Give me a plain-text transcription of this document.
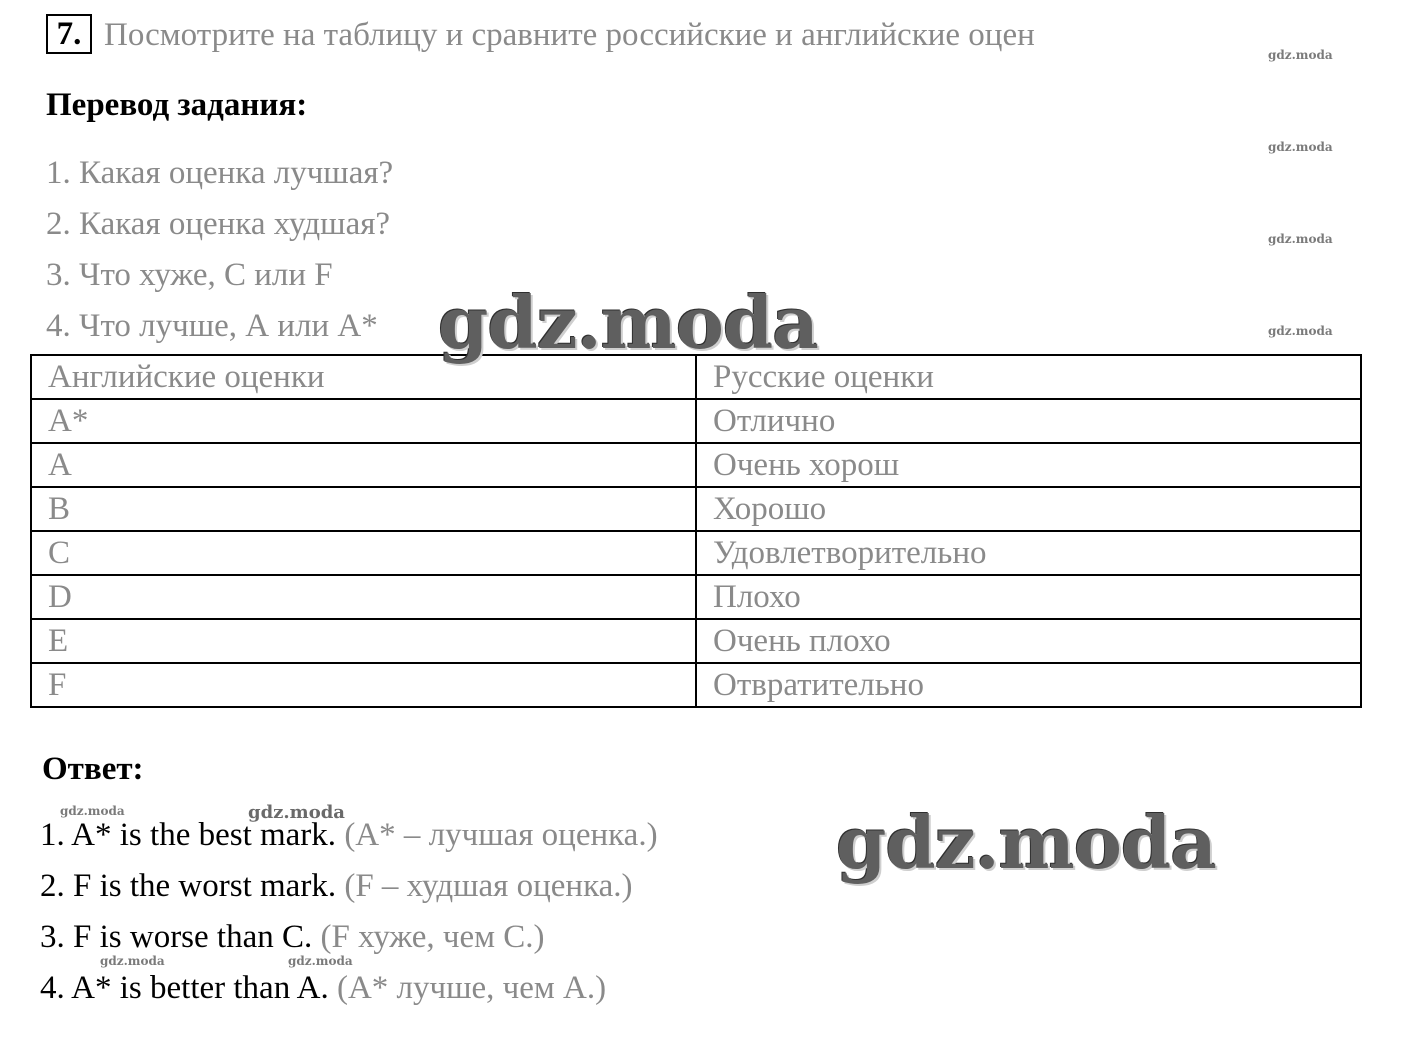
7. Посмотрите на таблицу и сравните российские и английские оцен
Перевод задания:
1. Какая оценка лучшая?
2. Какая оценка худшая?
3. Что хуже, C или F
4. Что лучше, А или A*
Английские оценки	Русские оценки
A*	Отлично
A	Очень хорош
B	Хорошо
C	Удовлетворительно
D	Плохо
E	Очень плохо
F	Отвратительно
Ответ:
1. A* is the best mark. (A* – лучшая оценка.)
2. F is the worst mark. (F – худшая оценка.)
3. F is worse than C. (F хуже, чем С.)
4. A* is better than A. (A* лучше, чем А.)
gdz.moda
gdz.moda
gdz.moda
gdz.moda
gdz.moda
gdz.moda
gdz.moda	gdz.moda
gdz.moda	gdz.moda
